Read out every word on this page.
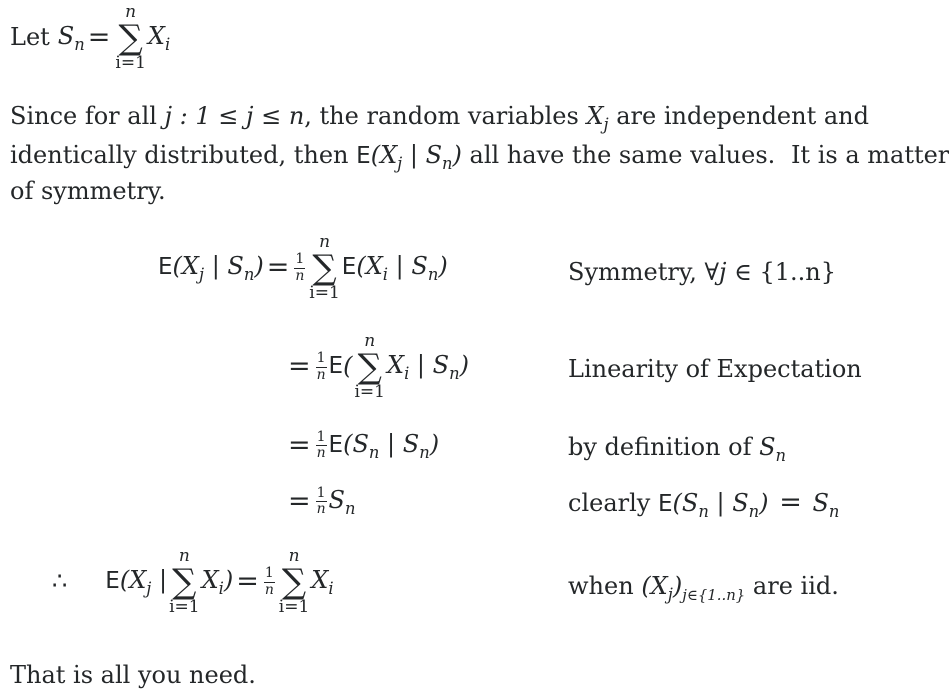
Let $S_n$ =
n
∑
i=1
$X_i$
Since for all j : 1 ≤ j ≤ n, the random variables $X_j$ are independent and
identically distributed, then $E(X_j$ | $S_n$) all have the same values. It is a matter
of symmetry.
E ($X_j$ | $S_n) = \frac{1}{n}$
n
∑
i=1
E ($X_i$ | $S_n$)	Symmetry, ∀j ∈ {1..n}
= $\frac{1}{n}$ E (
n
∑
i=1
$X_i$ | $S_n$)	Linearity of Expectation
= $\frac{1}{n}$ E ($S_n$ | $S_n$)	by definition of $S_n$
= $\frac{1}{n} S_n$	clearly $E(S_n$ | $S_n) = S_n$
∴ E ($X_j$ |
n
∑
i=1
$X_i) = \frac{1}{n}$
n
∑
i=1
$X_i$	when $(X_j)_{j\in\{1..n\}}$ are iid.
That is all you need.
